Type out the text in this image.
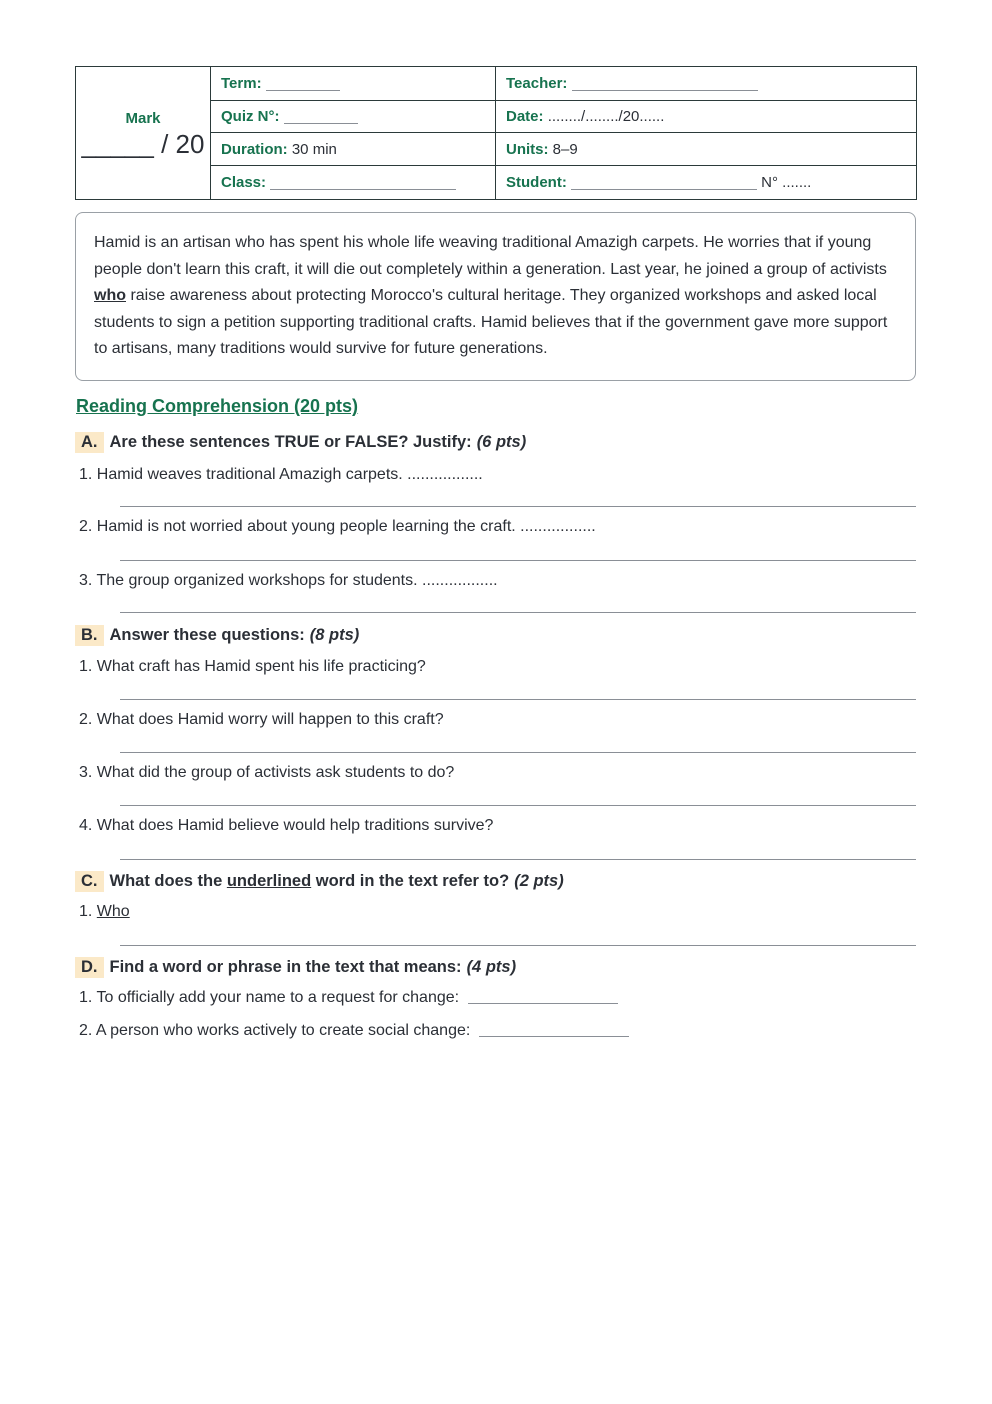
Mark
_____ / 20	Term:	Teacher:
	Quiz N°:	Date: ......../......../20......
	Duration: 30 min	Units: 8–9
	Class:	Student: N° .......
Hamid is an artisan who has spent his whole life weaving traditional Amazigh carpets. He worries that if young people don't learn this craft, it will die out completely within a generation. Last year, he joined a group of activists who raise awareness about protecting Morocco's cultural heritage. They organized workshops and asked local students to sign a petition supporting traditional crafts. Hamid believes that if the government gave more support to artisans, many traditions would survive for future generations.
Reading Comprehension (20 pts)
A. Are these sentences TRUE or FALSE? Justify: (6 pts)
1. Hamid weaves traditional Amazigh carpets. .................
2. Hamid is not worried about young people learning the craft. .................
3. The group organized workshops for students. .................
B. Answer these questions: (8 pts)
1. What craft has Hamid spent his life practicing?
2. What does Hamid worry will happen to this craft?
3. What did the group of activists ask students to do?
4. What does Hamid believe would help traditions survive?
C. What does the underlined word in the text refer to? (2 pts)
1. Who
D. Find a word or phrase in the text that means: (4 pts)
1. To officially add your name to a request for change:
2. A person who works actively to create social change:
